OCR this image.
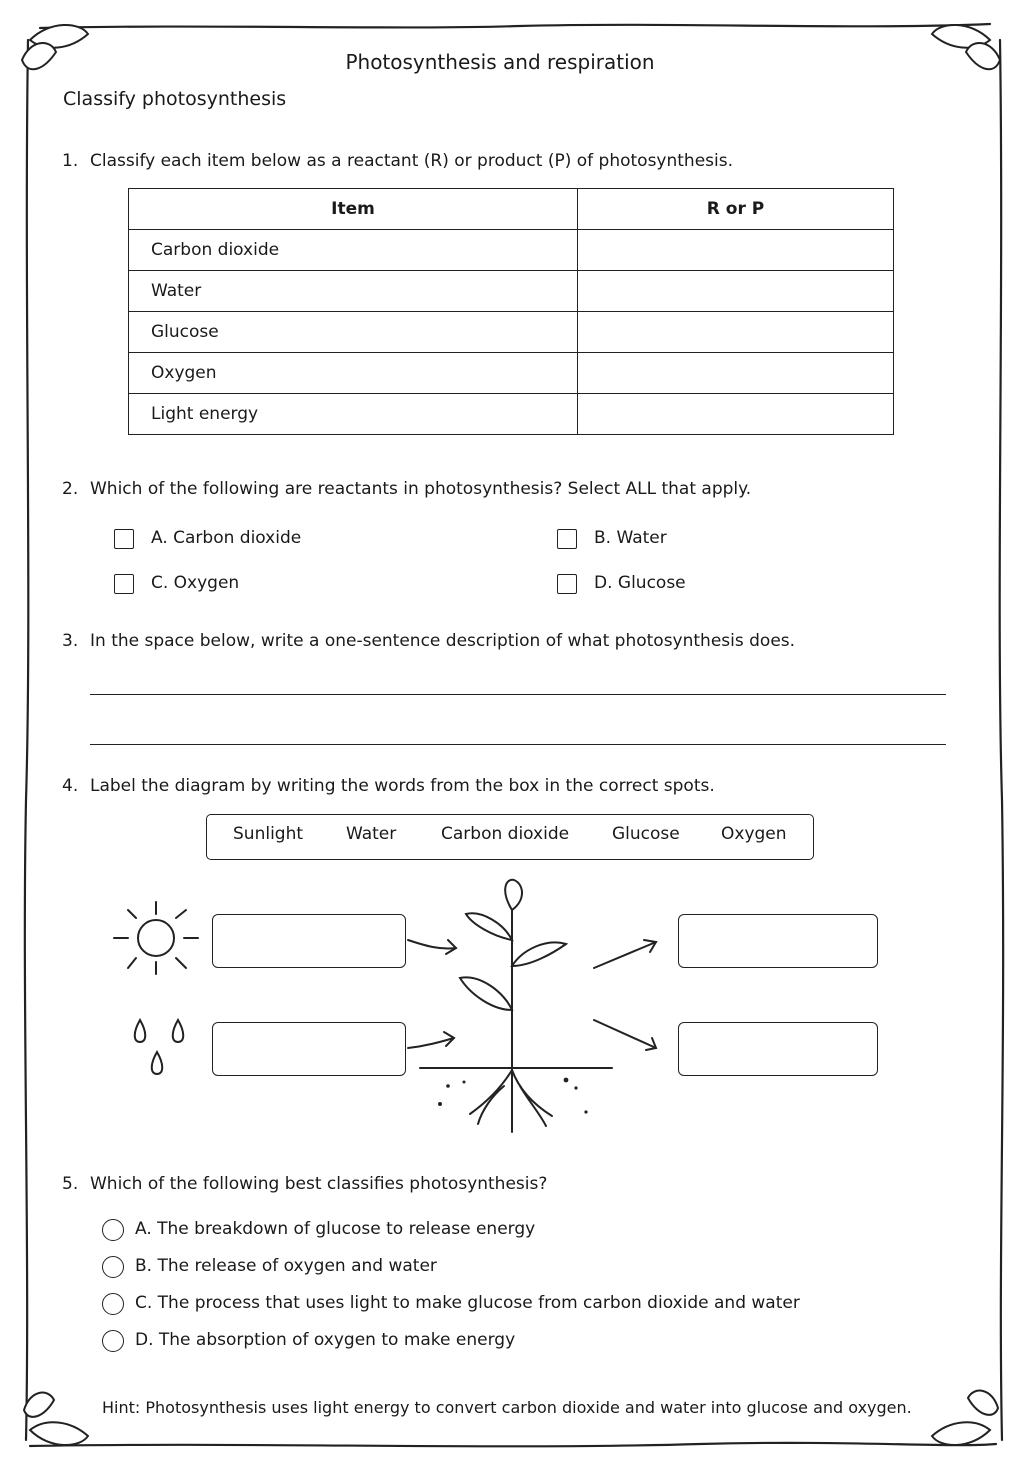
Photosynthesis and respiration
Classify photosynthesis
1. Classify each item below as a reactant (R) or product (P) of photosynthesis.
Item	R or P
Carbon dioxide	
Water	
Glucose	
Oxygen	
Light energy	
2. Which of the following are reactants in photosynthesis? Select ALL that apply.
A. Carbon dioxide	B. Water
C. Oxygen	D. Glucose
3. In the space below, write a one-sentence description of what photosynthesis does.
4. Label the diagram by writing the words from the box in the correct spots.
Sunlight	Water	Carbon dioxide	Glucose Oxygen
5. Which of the following best classifies photosynthesis?
A. The breakdown of glucose to release energy
B. The release of oxygen and water
C. The process that uses light to make glucose from carbon dioxide and water
D. The absorption of oxygen to make energy
Hint: Photosynthesis uses light energy to convert carbon dioxide and water into glucose and oxygen.
